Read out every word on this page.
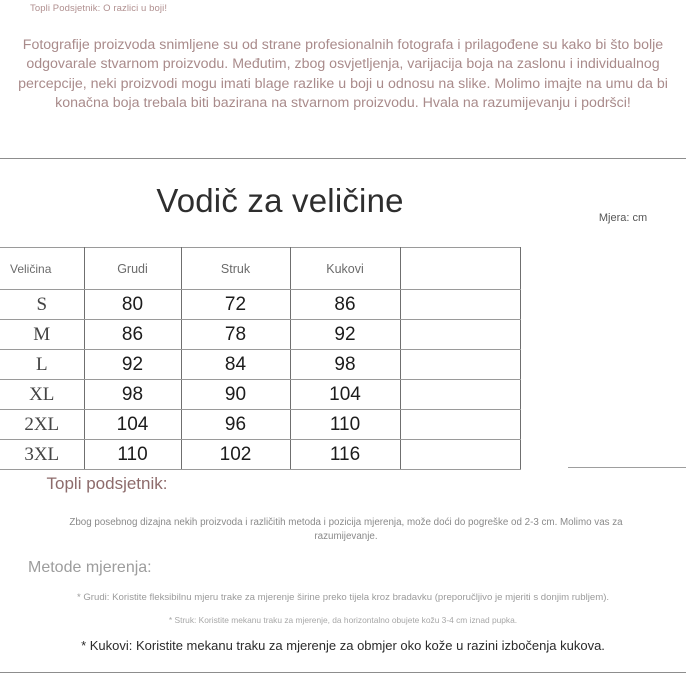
Topli Podsjetnik: O razlici u boji!
Fotografije proizvoda snimljene su od strane profesionalnih fotografa i prilagođene su kako bi što bolje odgovarale stvarnom proizvodu. Međutim, zbog osvjetljenja, varijacija boja na zaslonu i individualnog percepcije, neki proizvodi mogu imati blage razlike u boji u odnosu na slike. Molimo imajte na umu da bi konačna boja trebala biti bazirana na stvarnom proizvodu. Hvala na razumijevanju i podršci!
Vodič za veličine	Mjera: cm
Veličina	Grudi	Struk	Kukovi	
S	80	72	86	
M	86	78	92	
L	92	84	98	
XL	98	90	104	
2XL	104	96	110	
3XL	110	102	116	
Topli podsjetnik:
Zbog posebnog dizajna nekih proizvoda i različitih metoda i pozicija mjerenja, može doći do pogreške od 2-3 cm. Molimo vas za razumijevanje.
Metode mjerenja:
* Grudi: Koristite fleksibilnu mjeru trake za mjerenje širine preko tijela kroz bradavku (preporučljivo je mjeriti s donjim rubljem).
* Struk: Koristite mekanu traku za mjerenje, da horizontalno obujete kožu 3-4 cm iznad pupka.
* Kukovi: Koristite mekanu traku za mjerenje za obmjer oko kože u razini izbočenja kukova.
